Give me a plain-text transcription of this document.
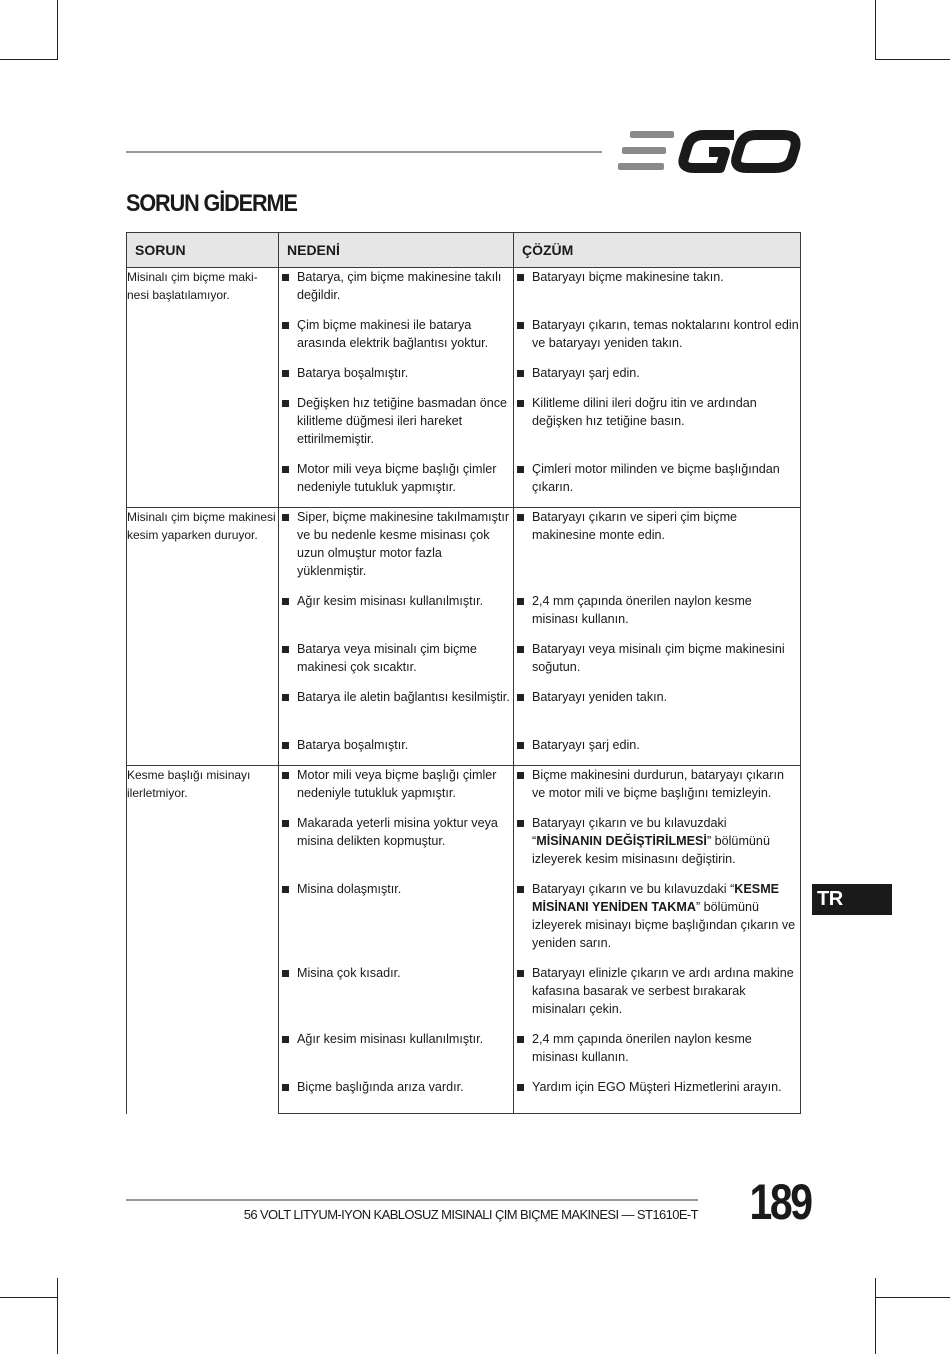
SORUN GİDERME
SORUN	NEDENİ	ÇÖZÜM
Misinalı çim biçme maki-nesi başlatılamıyor.	Batarya, çim biçme makinesine takılı değildir.	Bataryayı biçme makinesine takın.

	Çim biçme makinesi ile batarya arasında elektrik bağlantısı yoktur.	Bataryayı çıkarın, temas noktalarını kontrol edin ve bataryayı yeniden takın.

	Batarya boşalmıştır.	Bataryayı şarj edin.

	Değişken hız tetiğine basmadan önce kilitleme düğmesi ileri hareket ettirilmemiştir.	Kilitleme dilini ileri doğru itin ve ardından değişken hız tetiğine basın.

	Motor mili veya biçme başlığı çimler nedeniyle tutukluk yapmıştır.	Çimleri motor milinden ve biçme başlığından çıkarın.

Misinalı çim biçme makinesi kesim yaparken duruyor.	Siper, biçme makinesine takılmamıştır ve bu nedenle kesme misinası çok uzun olmuştur motor fazla yüklenmiştir.	Bataryayı çıkarın ve siperi çim biçme makinesine monte edin.

	Ağır kesim misinası kullanılmıştır.	2,4 mm çapında önerilen naylon kesme misinası kullanın.

	Batarya veya misinalı çim biçme makinesi çok sıcaktır.	Bataryayı veya misinalı çim biçme makinesini soğutun.

	Batarya ile aletin bağlantısı kesilmiştir.	Bataryayı yeniden takın.

	Batarya boşalmıştır.	Bataryayı şarj edin.

Kesme başlığı misinayı ilerletmiyor.	Motor mili veya biçme başlığı çimler nedeniyle tutukluk yapmıştır.	Biçme makinesini durdurun, bataryayı çıkarın ve motor mili ve biçme başlığını temizleyin.

	Makarada yeterli misina yoktur veya misina delikten kopmuştur.	Bataryayı çıkarın ve bu kılavuzdaki “MİSİNANIN DEĞİŞTİRİLMESİ” bölümünü izleyerek kesim misinasını değiştirin.

	Misina dolaşmıştır.	Bataryayı çıkarın ve bu kılavuzdaki “KESME MİSİNANI YENİDEN TAKMA” bölümünü izleyerek misinayı biçme başlığından çıkarın ve yeniden sarın.

	Misina çok kısadır.	Bataryayı elinizle çıkarın ve ardı ardına makine kafasına basarak ve serbest bırakarak misinaları çekin.

	Ağır kesim misinası kullanılmıştır.	2,4 mm çapında önerilen naylon kesme misinası kullanın.

	Biçme başlığında arıza vardır.	Yardım için EGO Müşteri Hizmetlerini arayın.
TR
56 VOLT LITYUM-IYON KABLOSUZ MISINALI ÇIM BIÇME MAKINESI — ST1610E-T 189
